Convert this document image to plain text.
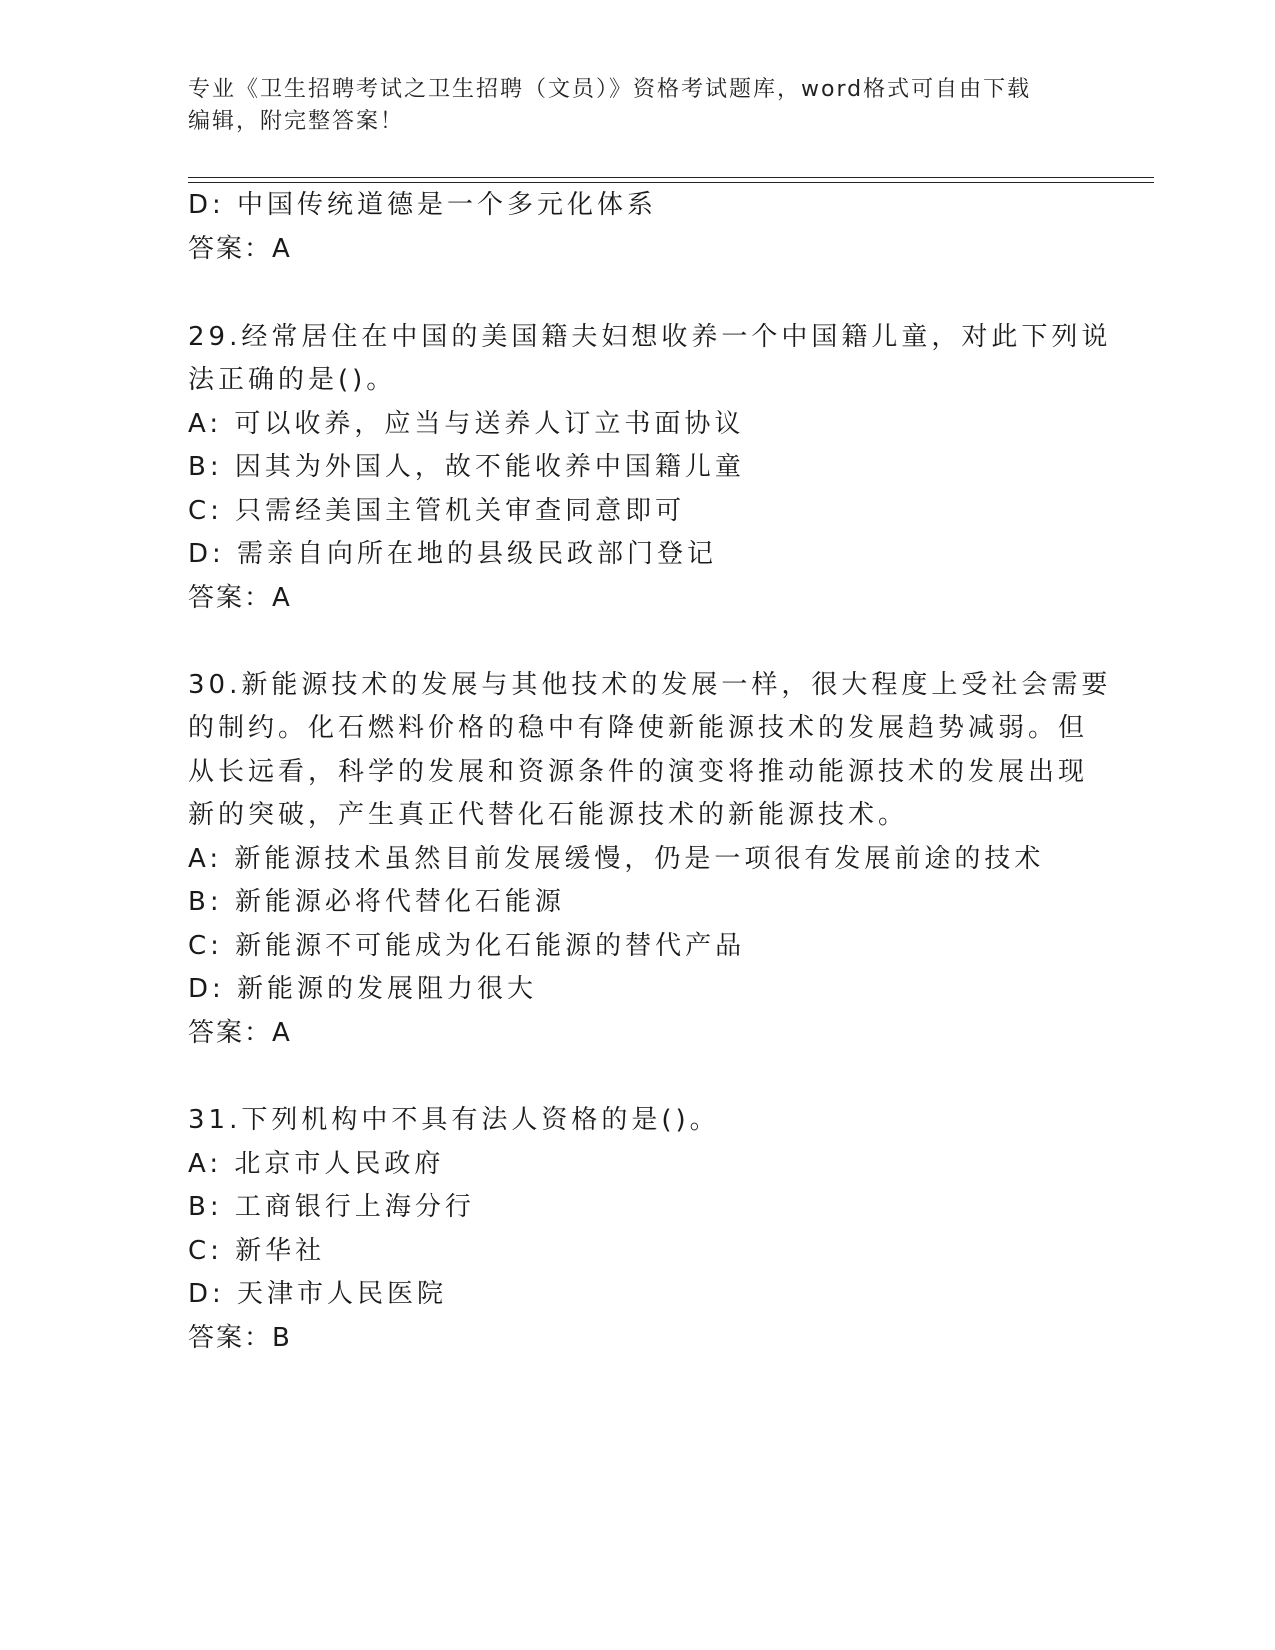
专业《卫生招聘考试之卫生招聘（文员）》资格考试题库，word格式可自由下载
编辑，附完整答案！
D: 中国传统道德是一个多元化体系
答案：A
29.经常居住在中国的美国籍夫妇想收养一个中国籍儿童，对此下列说
法正确的是()。
A: 可以收养，应当与送养人订立书面协议
B: 因其为外国人，故不能收养中国籍儿童
C: 只需经美国主管机关审查同意即可
D: 需亲自向所在地的县级民政部门登记
答案：A
30.新能源技术的发展与其他技术的发展一样，很大程度上受社会需要
的制约。化石燃料价格的稳中有降使新能源技术的发展趋势减弱。但
从长远看，科学的发展和资源条件的演变将推动能源技术的发展出现
新的突破，产生真正代替化石能源技术的新能源技术。
A: 新能源技术虽然目前发展缓慢，仍是一项很有发展前途的技术
B: 新能源必将代替化石能源
C: 新能源不可能成为化石能源的替代产品
D: 新能源的发展阻力很大
答案：A
31.下列机构中不具有法人资格的是()。
A: 北京市人民政府
B: 工商银行上海分行
C: 新华社
D: 天津市人民医院
答案：B
